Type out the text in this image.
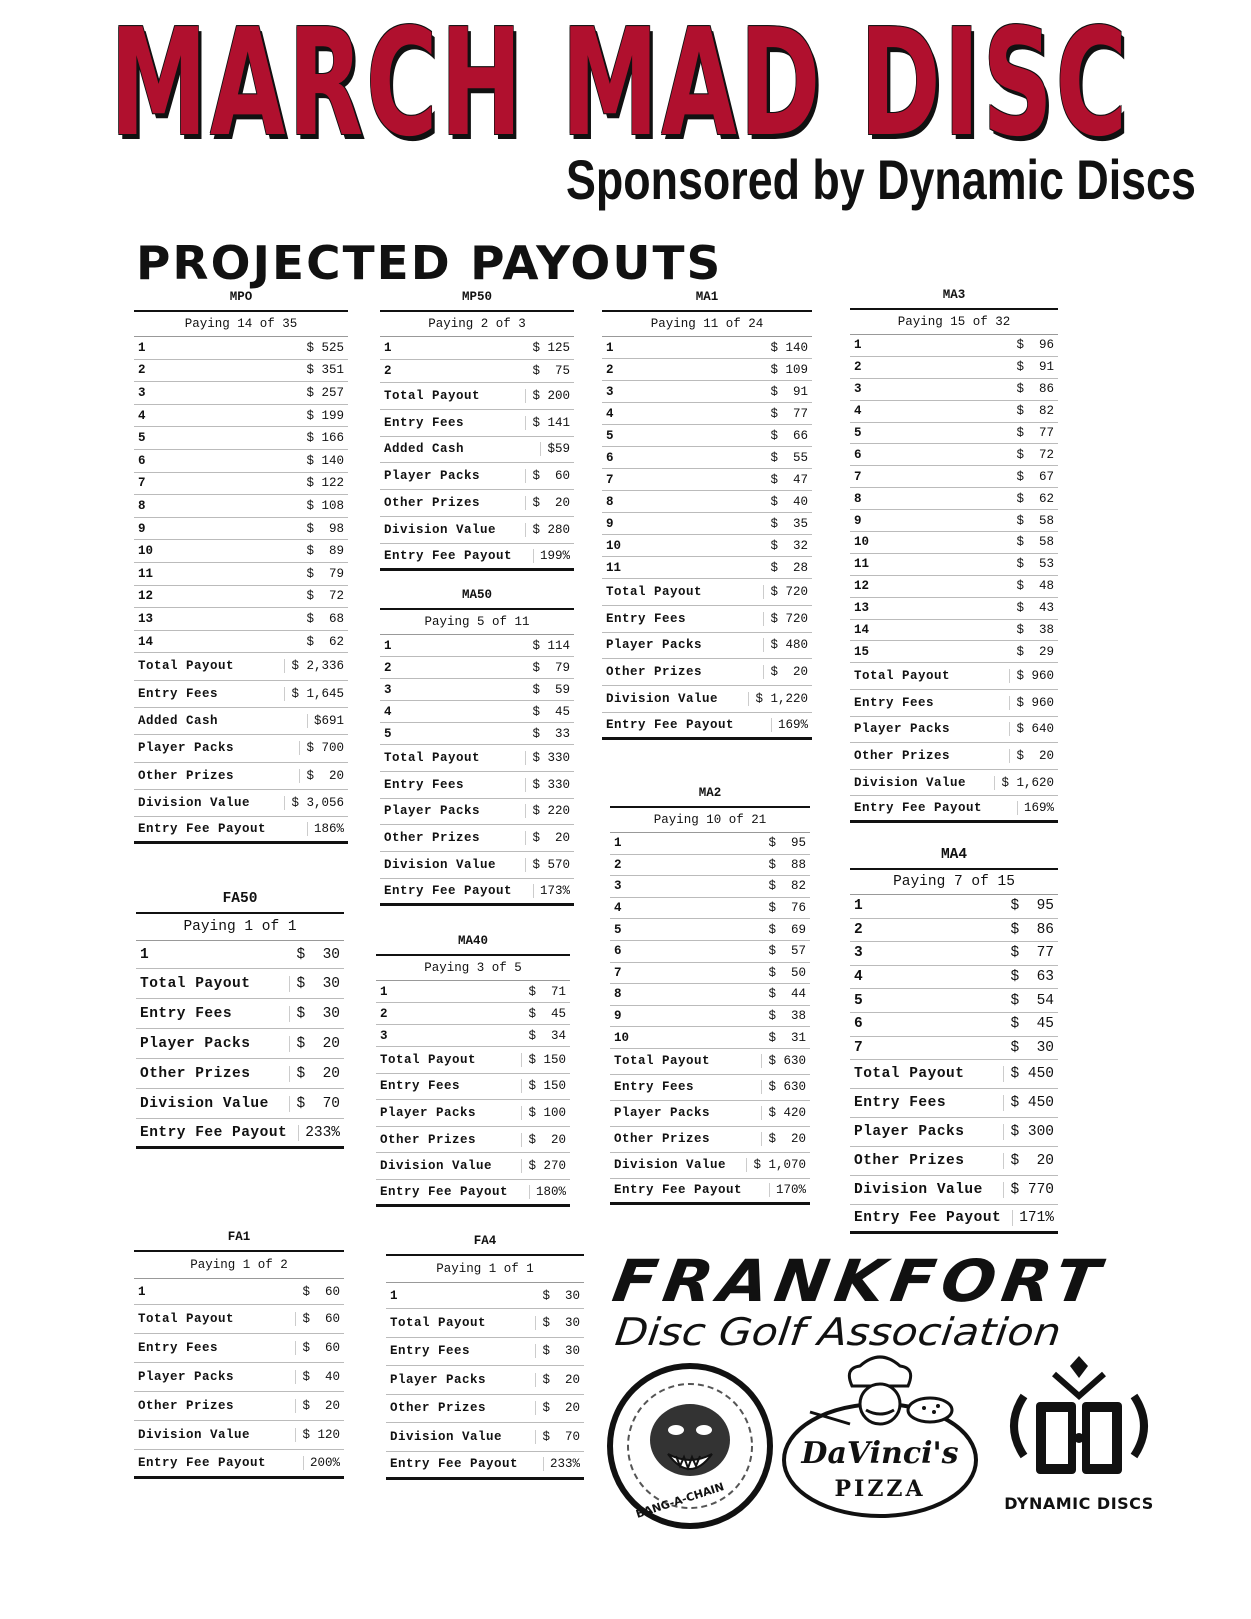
MARCH MAD DISC
Sponsored by Dynamic Discs
PROJECTED PAYOUTS
MPO
Paying 14 of 35
1	$ 525
2	$ 351
3	$ 257
4	$ 199
5	$ 166
6	$ 140
7	$ 122
8	$ 108
9	$  98
10	$  89
11	$  79
12	$  72
13	$  68
14	$  62
Total Payout	$ 2,336
Entry Fees	$ 1,645
Added Cash	$691
Player Packs	$ 700
Other Prizes	$  20
Division Value	$ 3,056
Entry Fee Payout	186%
MP50
Paying 2 of 3
1	$ 125
2	$  75
Total Payout	$ 200
Entry Fees	$ 141
Added Cash	$59
Player Packs	$  60
Other Prizes	$  20
Division Value	$ 280
Entry Fee Payout	199%
MA50
Paying 5 of 11
1	$ 114
2	$  79
3	$  59
4	$  45
5	$  33
Total Payout	$ 330
Entry Fees	$ 330
Player Packs	$ 220
Other Prizes	$  20
Division Value	$ 570
Entry Fee Payout	173%
MA40
Paying 3 of 5
1	$  71
2	$  45
3	$  34
Total Payout	$ 150
Entry Fees	$ 150
Player Packs	$ 100
Other Prizes	$  20
Division Value	$ 270
Entry Fee Payout	180%
MA1
Paying 11 of 24
1	$ 140
2	$ 109
3	$  91
4	$  77
5	$  66
6	$  55
7	$  47
8	$  40
9	$  35
10	$  32
11	$  28
Total Payout	$ 720
Entry Fees	$ 720
Player Packs	$ 480
Other Prizes	$  20
Division Value	$ 1,220
Entry Fee Payout	169%
MA2
Paying 10 of 21
1	$  95
2	$  88
3	$  82
4	$  76
5	$  69
6	$  57
7	$  50
8	$  44
9	$  38
10	$  31
Total Payout	$ 630
Entry Fees	$ 630
Player Packs	$ 420
Other Prizes	$  20
Division Value	$ 1,070
Entry Fee Payout	170%
MA3
Paying 15 of 32
1	$  96
2	$  91
3	$  86
4	$  82
5	$  77
6	$  72
7	$  67
8	$  62
9	$  58
10	$  58
11	$  53
12	$  48
13	$  43
14	$  38
15	$  29
Total Payout	$ 960
Entry Fees	$ 960
Player Packs	$ 640
Other Prizes	$  20
Division Value	$ 1,620
Entry Fee Payout	169%
MA4
Paying 7 of 15
1	$  95
2	$  86
3	$  77
4	$  63
5	$  54
6	$  45
7	$  30
Total Payout	$ 450
Entry Fees	$ 450
Player Packs	$ 300
Other Prizes	$  20
Division Value	$ 770
Entry Fee Payout	171%
FA50
Paying 1 of 1
1	$  30
Total Payout	$  30
Entry Fees	$  30
Player Packs	$  20
Other Prizes	$  20
Division Value	$  70
Entry Fee Payout	233%
FA1
Paying 1 of 2
1	$  60
Total Payout	$  60
Entry Fees	$  60
Player Packs	$  40
Other Prizes	$  20
Division Value	$ 120
Entry Fee Payout	200%
FA4
Paying 1 of 1
1	$  30
Total Payout	$  30
Entry Fees	$  30
Player Packs	$  20
Other Prizes	$  20
Division Value	$  70
Entry Fee Payout	233%
FRANKFORT
Disc Golf Association
BANG-A-CHAIN
DaVinci's
PIZZA
DYNAMIC DISCS
